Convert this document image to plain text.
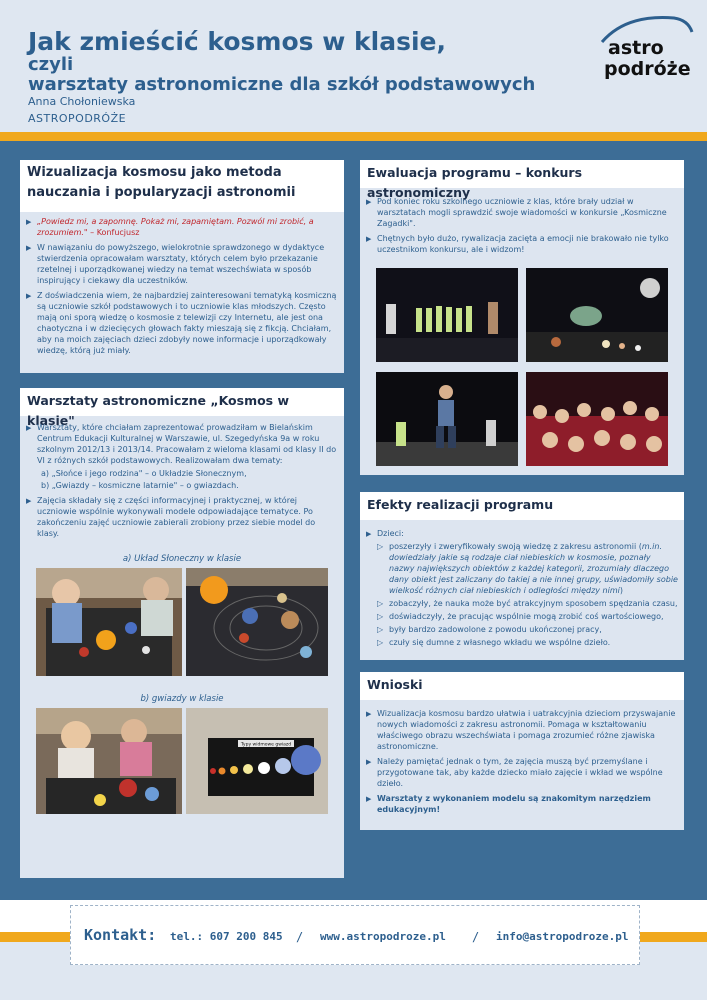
Jak zmieścić kosmos w klasie,
czyli
warsztaty astronomiczne dla szkół podstawowych
Anna Chołoniewska
ASTROPODRÓŻE
astro
podróże
Wizualizacja kosmosu jako metoda nauczania i popularyzacji astronomii
▶ „Powiedz mi, a zapomnę. Pokaż mi, zapamiętam. Pozwól mi zrobić, a zrozumiem." – Konfucjusz
▶ W nawiązaniu do powyższego, wielokrotnie sprawdzonego w dydaktyce stwierdzenia opracowałam warsztaty, których celem było przekazanie rzetelnej i uporządkowanej wiedzy na temat wszechświata w sposób inspirujący i ciekawy dla uczestników.
▶ Z doświadczenia wiem, że najbardziej zainteresowani tematyką kosmiczną są uczniowie szkół podstawowych i to uczniowie klas młodszych. Często mają oni sporą wiedzę o kosmosie z telewizji czy Internetu, ale jest ona chaotyczna i w dziecięcych głowach fakty mieszają się z fikcją. Chciałam, aby na moich zajęciach dzieci zdobyły nowe informacje i uporządkowały wiedzę, którą już miały.
Warsztaty astronomiczne „Kosmos w klasie"
▶ Warsztaty, które chciałam zaprezentować prowadziłam w Bielańskim Centrum Edukacji Kulturalnej w Warszawie, ul. Szegedyńska 9a w roku szkolnym 2012/13 i 2013/14. Pracowałam z wieloma klasami od klasy II do VI z różnych szkół podstawowych. Realizowałam dwa tematy:
a) „Słońce i jego rodzina" – o Układzie Słonecznym,
b) „Gwiazdy – kosmiczne latarnie" – o gwiazdach.
▶ Zajęcia składały się z części informacyjnej i praktycznej, w której uczniowie wspólnie wykonywali modele odpowiadające tematyce. Po zakończeniu zajęć uczniowie zabierali zrobiony przez siebie model do klasy.
a) Układ Słoneczny w klasie
b) gwiazdy w klasie
Typy widmowe gwiazd
Ewaluacja programu – konkurs astronomiczny
▶ Pod koniec roku szkolnego uczniowie z klas, które brały udział w warsztatach mogli sprawdzić swoje wiadomości w konkursie „Kosmiczne Zagadki".
▶ Chętnych było dużo, rywalizacja zacięta a emocji nie brakowało nie tylko uczestnikom konkursu, ale i widzom!
Efekty realizacji programu
▶ Dzieci:
▷ poszerzyły i zweryfikowały swoją wiedzę z zakresu astronomii (m.in. dowiedziały jakie są rodzaje ciał niebieskich w kosmosie, poznały nazwy największych obiektów z każdej kategorii, zrozumiały dlaczego dany obiekt jest zaliczany do takiej a nie innej grupy, uświadomiły sobie wielkość różnych ciał niebieskich i odległości między nimi)
▷ zobaczyły, że nauka może być atrakcyjnym sposobem spędzania czasu,
▷ doświadczyły, że pracując wspólnie mogą zrobić coś wartościowego,
▷ były bardzo zadowolone z powodu ukończonej pracy,
▷ czuły się dumne z własnego wkładu we wspólne dzieło.
Wnioski
▶ Wizualizacja kosmosu bardzo ułatwia i uatrakcyjnia dzieciom przyswajanie nowych wiadomości z zakresu astronomii. Pomaga w kształtowaniu właściwego obrazu wszechświata i pomaga zrozumieć różne zjawiska astronomiczne.
▶ Należy pamiętać jednak o tym, że zajęcia muszą być przemyślane i przygotowane tak, aby każde dziecko miało zajęcie i wkład we wspólne dzieło.
▶ Warsztaty z wykonaniem modelu są znakomitym narzędziem edukacyjnym!
Kontakt: tel.: 607 200 845 / www.astropodroze.pl / info@astropodroze.pl
